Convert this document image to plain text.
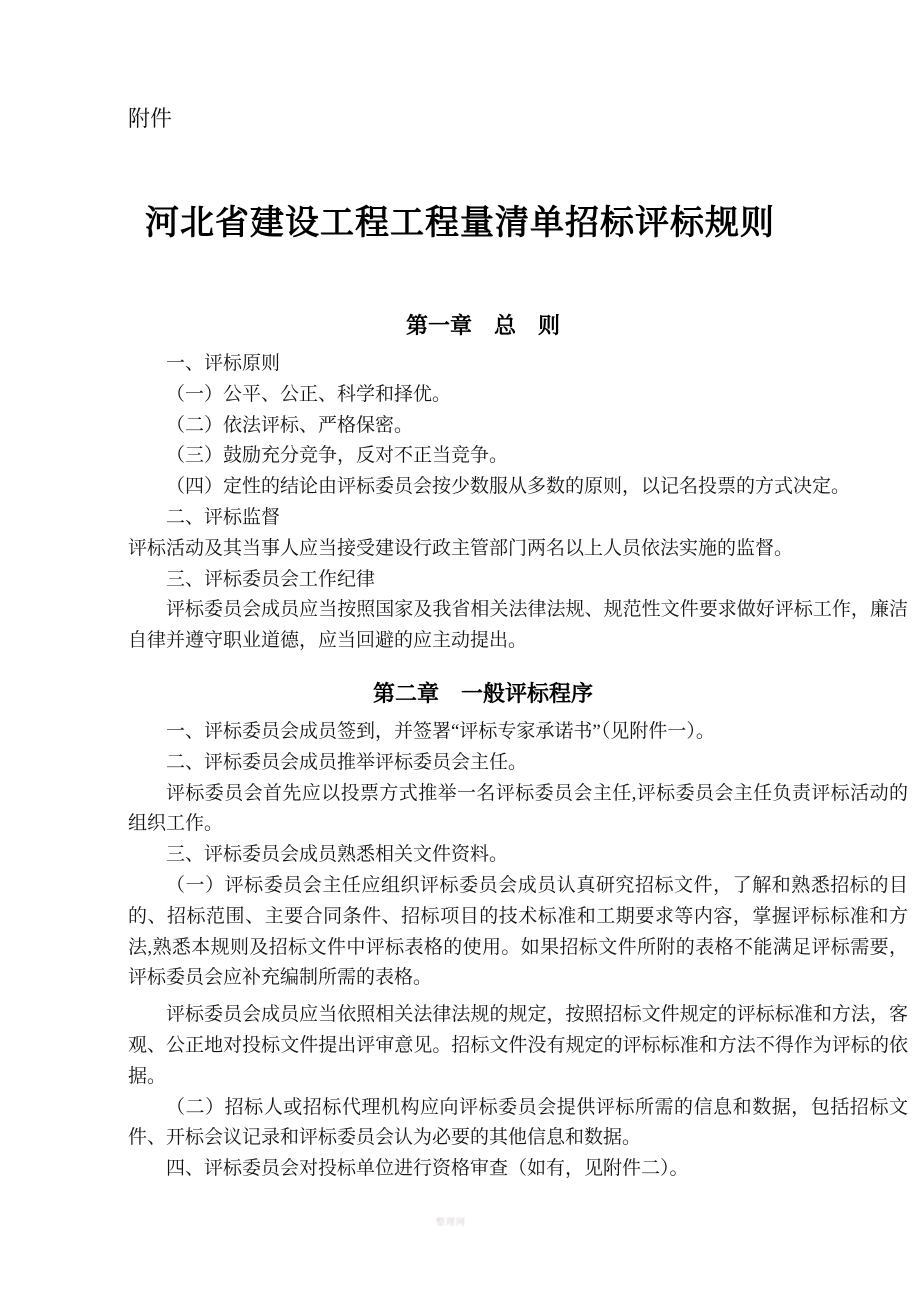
附件
河北省建设工程工程量清单招标评标规则
第一章　总　则

一、评标原则

（一）公平、公正、科学和择优。

（二）依法评标、严格保密。

（三）鼓励充分竞争，反对不正当竞争。

（四）定性的结论由评标委员会按少数服从多数的原则，以记名投票的方式决定。

二、评标监督

评标活动及其当事人应当接受建设行政主管部门两名以上人员依法实施的监督。

三、评标委员会工作纪律

评标委员会成员应当按照国家及我省相关法律法规、规范性文件要求做好评标工作，廉洁自律并遵守职业道德，应当回避的应主动提出。

第二章　一般评标程序

一、评标委员会成员签到，并签署“评标专家承诺书”（见附件一）。

二、评标委员会成员推举评标委员会主任。

评标委员会首先应以投票方式推举一名评标委员会主任,评标委员会主任负责评标活动的组织工作。

三、评标委员会成员熟悉相关文件资料。

（一）评标委员会主任应组织评标委员会成员认真研究招标文件，了解和熟悉招标的目的、招标范围、主要合同条件、招标项目的技术标准和工期要求等内容，掌握评标标准和方法,熟悉本规则及招标文件中评标表格的使用。如果招标文件所附的表格不能满足评标需要，评标委员会应补充编制所需的表格。

评标委员会成员应当依照相关法律法规的规定，按照招标文件规定的评标标准和方法，客观、公正地对投标文件提出评审意见。招标文件没有规定的评标标准和方法不得作为评标的依据。

（二）招标人或招标代理机构应向评标委员会提供评标所需的信息和数据，包括招标文件、开标会议记录和评标委员会认为必要的其他信息和数据。

四、评标委员会对投标单位进行资格审查（如有，见附件二）。

整理网
